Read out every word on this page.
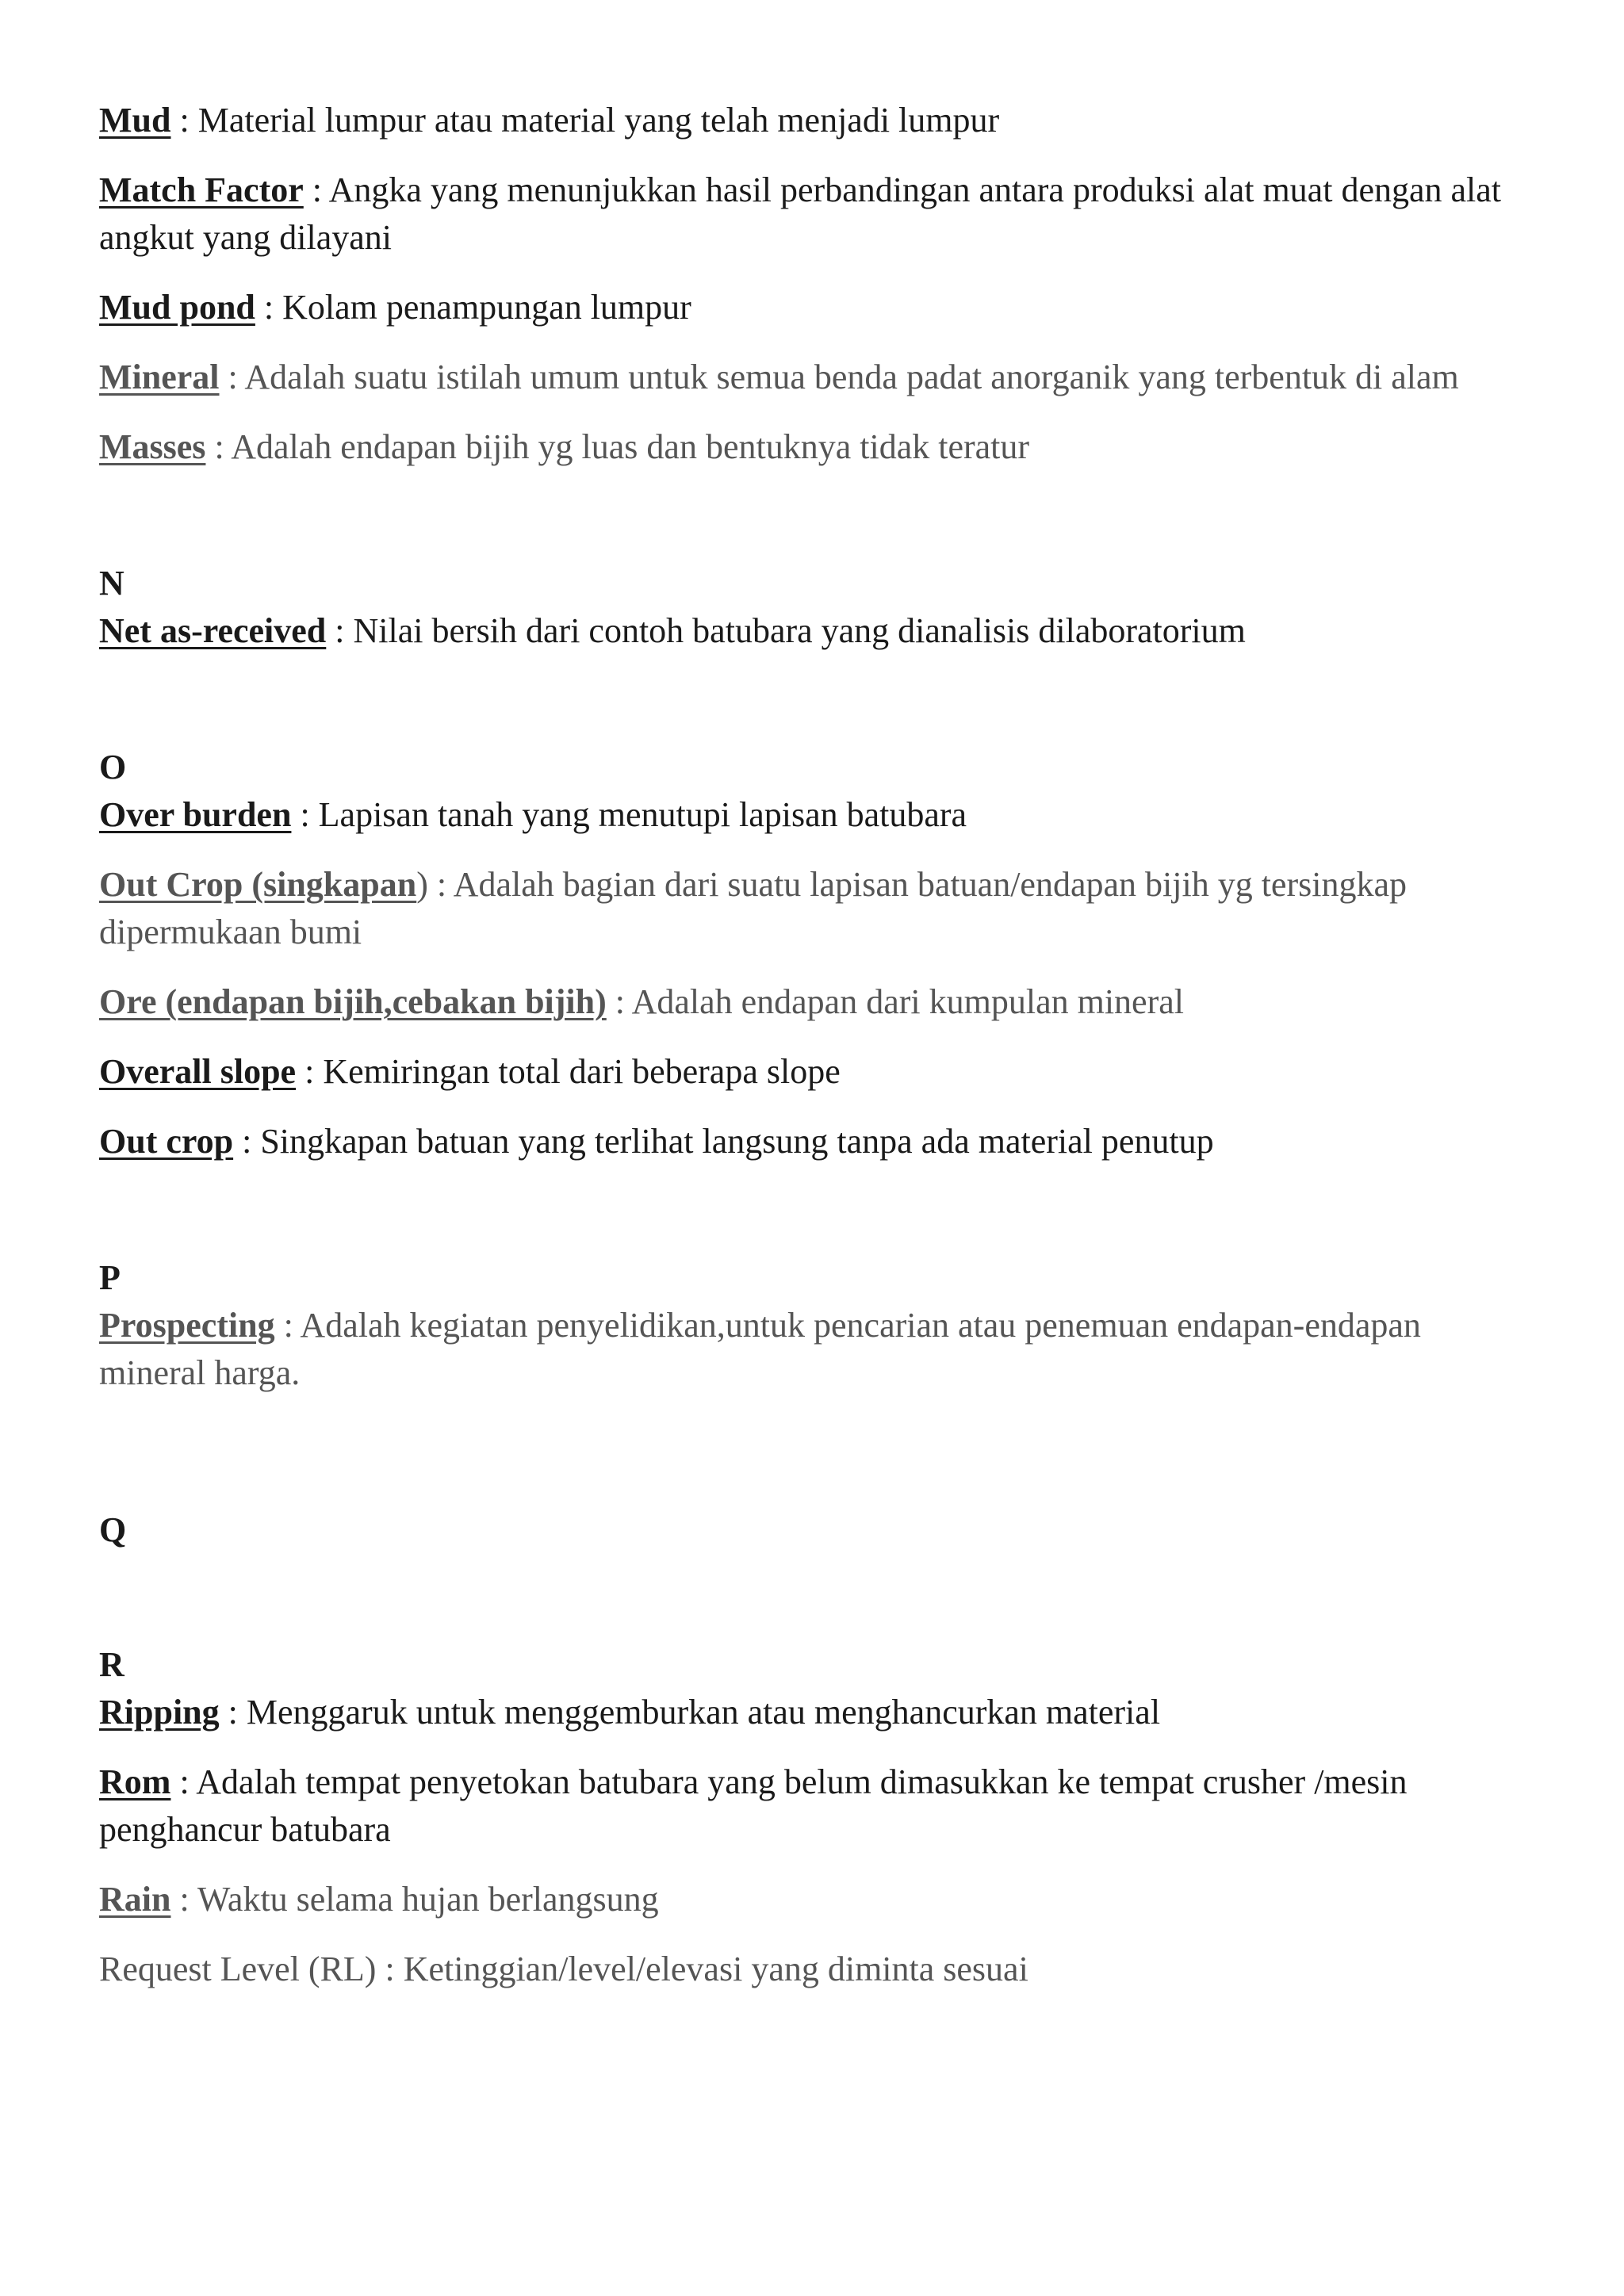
Mud : Material lumpur atau material yang telah menjadi lumpur
Match Factor : Angka yang menunjukkan hasil perbandingan antara produksi alat muat dengan alat angkut yang dilayani
Mud pond : Kolam penampungan lumpur
Mineral : Adalah suatu istilah umum untuk semua benda padat anorganik yang terbentuk di alam
Masses : Adalah endapan bijih yg luas dan bentuknya tidak teratur
N
Net as-received : Nilai bersih dari contoh batubara yang dianalisis dilaboratorium
O
Over burden : Lapisan tanah yang menutupi lapisan batubara
Out Crop (singkapan) : Adalah bagian dari suatu lapisan batuan/endapan bijih yg tersingkap dipermukaan bumi
Ore (endapan bijih,cebakan bijih) : Adalah endapan dari kumpulan mineral
Overall slope : Kemiringan total dari beberapa slope
Out crop : Singkapan batuan yang terlihat langsung tanpa ada material penutup
P
Prospecting : Adalah kegiatan penyelidikan,untuk pencarian atau penemuan endapan-endapan mineral harga.
Q
R
Ripping : Menggaruk untuk menggemburkan atau menghancurkan material
Rom : Adalah tempat penyetokan batubara yang belum dimasukkan ke tempat crusher /mesin penghancur batubara
Rain : Waktu selama hujan berlangsung
Request Level (RL) : Ketinggian/level/elevasi yang diminta sesuai
